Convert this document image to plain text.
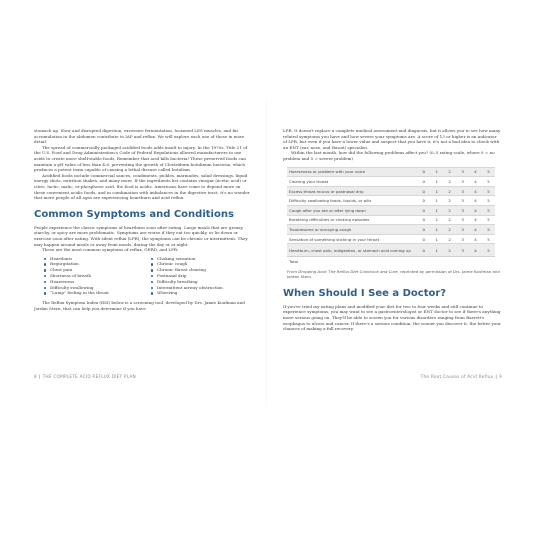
stomach up. Slow and disrupted digestion, excessive fermentation, loosened LES muscles, and fat accumulation in the abdomen contribute to IAP and reflux. We will explore each one of those in more detail.

The spread of commercially packaged acidified foods adds insult to injury. In the 1970s, Title 21 of the U.S. Food and Drug Administration's Code of Federal Regulations allowed manufacturers to use acids to create more shelf-stable foods. Remember that acid kills bacteria! These preserved foods can maintain a pH value of less than 4.6, preventing the growth of Clostridium botulinum bacteria, which produces a potent toxin capable of causing a lethal disease called botulism.

Acidified foods include commercial sauces, condiments, pickles, marinades, salad dressings, liquid energy shots, nutrition shakes, and many more. If the ingredients list contains vinegar (acetic acid) or citric, lactic, malic, or phosphoric acid, the food is acidic. Americans have come to depend more on these convenient acidic foods, and in combination with imbalances in the digestive tract, it's no wonder that more people of all ages are experiencing heartburn and acid reflux.

Common Symptoms and Conditions

People experience the classic symptoms of heartburn soon after eating. Large meals that are greasy, starchy, or spicy are more problematic. Symptoms are worse if they eat too quickly, or lie down or exercise soon after eating. With silent reflux (LPR), the symptoms can be chronic or intermittent. They may happen around meals or away from meals, during the day or at night.

These are the most common symptoms of reflux, GERD, and LPR:

Heartburn	Choking sensation
Regurgitation	Chronic cough
Chest pain	Chronic throat clearing
Shortness of breath	Postnasal drip
Hoarseness	Difficulty breathing
Difficulty swallowing	Intermittent airway obstruction
“Lump” feeling in the throat	Wheezing

The Reflux Symptom Index (RSI) below is a screening tool, developed by Drs. Jamie Koufman and Jordan Stern, that can help you determine if you have

LPR. It doesn't replace a complete medical assessment and diagnosis, but it allows you to see how many related symptoms you have and how severe your symptoms are. A score of 13 or higher is an indicator of LPR, but even if you have a lower value and suspect that you have it, it's not a bad idea to check with an ENT (ear, nose, and throat) specialist.

Within the last month, how did the following problems affect you? (0–5 rating scale, where 0 = no problem and 5 = severe problem)

Hoarseness or problem with your voice	0	1	2	3	4	5
Clearing your throat	0	1	2	3	4	5
Excess throat mucus or postnasal drip	0	1	2	3	4	5
Difficulty swallowing foods, liquids, or pills	0	1	2	3	4	5
Cough after you ate or after lying down	0	1	2	3	4	5
Breathing difficulties or choking episodes	0	1	2	3	4	5
Troublesome or annoying cough	0	1	2	3	4	5
Sensation of something sticking in your throat	0	1	2	3	4	5
Heartburn, chest pain, indigestion, or stomach acid coming up	0	1	2	3	4	5
Total						

From Dropping Acid: The Reflux Diet Cookbook and Cure, reprinted by permission of Drs. Jamie Koufman and Jordan Stern.

When Should I See a Doctor?

If you've tried my eating plans and modified your diet for two to four weeks and still continue to experience symptoms, you may want to see a gastroenterologist or ENT doctor to see if there's anything more serious going on. They'll be able to screen you for various disorders ranging from Barrett's esophagus to ulcers and cancer. If there's a serious condition, the sooner you discover it, the better your chances of making a full recovery.

8 | THE COMPLETE ACID REFLUX DIET PLAN	The Root Causes of Acid Reflux | 9
